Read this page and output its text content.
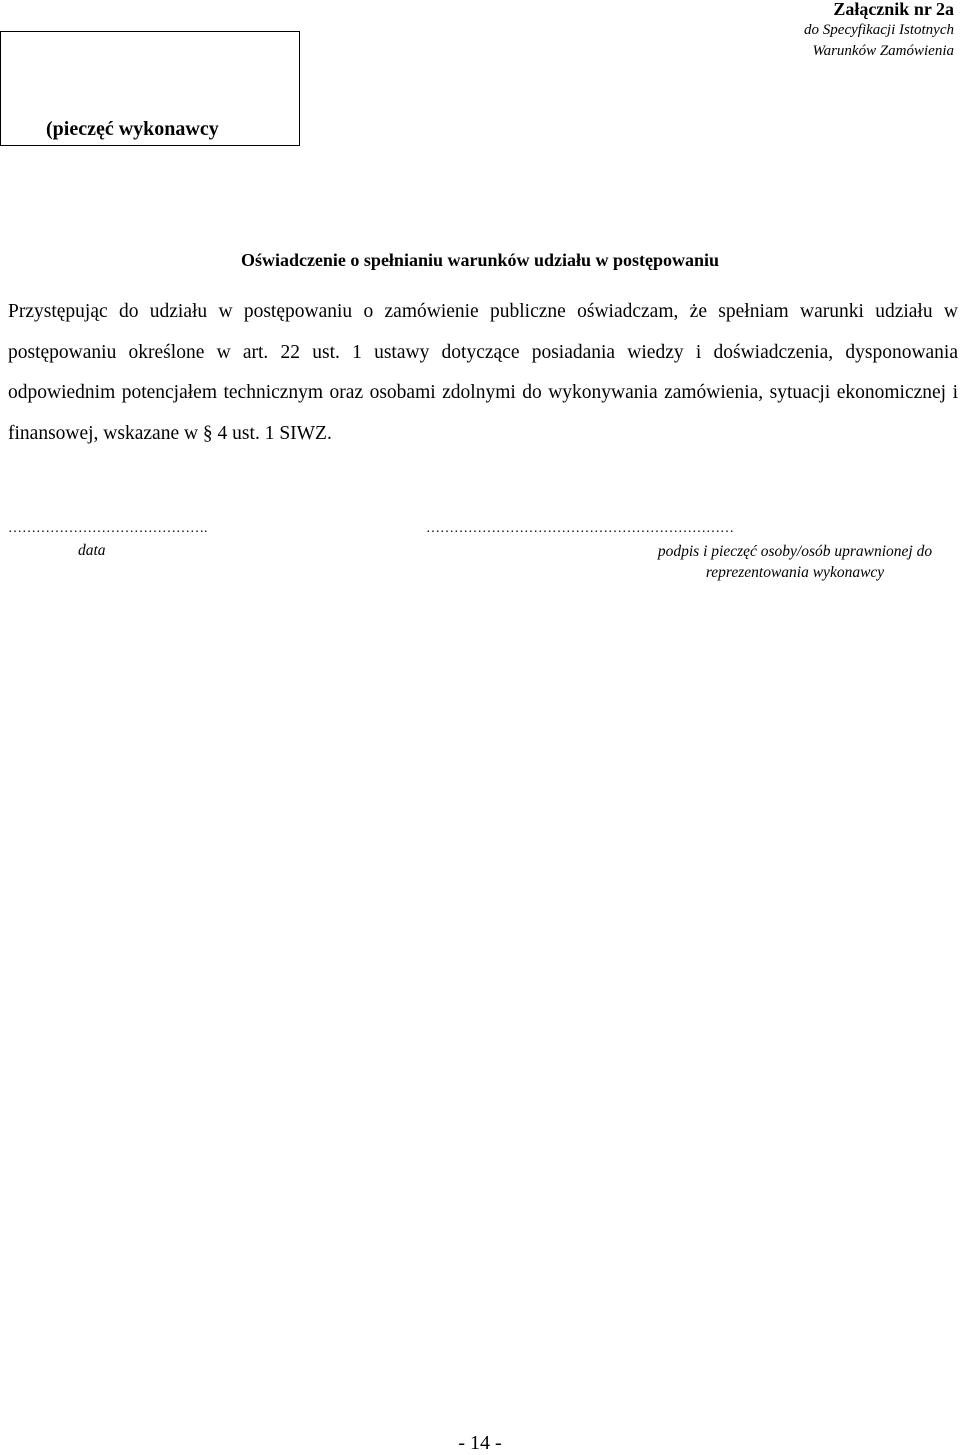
Załącznik nr 2a
do Specyfikacji Istotnych
Warunków Zamówienia
(pieczęć wykonawcy
Oświadczenie o spełnianiu warunków udziału w postępowaniu
Przystępując do udziału w postępowaniu o zamówienie publiczne oświadczam, że spełniam warunki udziału w postępowaniu określone w art. 22 ust. 1 ustawy dotyczące posiadania wiedzy i doświadczenia, dysponowania odpowiednim potencjałem technicznym oraz osobami zdolnymi do wykonywania zamówienia, sytuacji ekonomicznej i finansowej, wskazane w § 4 ust. 1 SIWZ.
…………………………………….	…………………………………………………………
data	podpis i pieczęć osoby/osób uprawnionej do
reprezentowania wykonawcy
- 14 -
